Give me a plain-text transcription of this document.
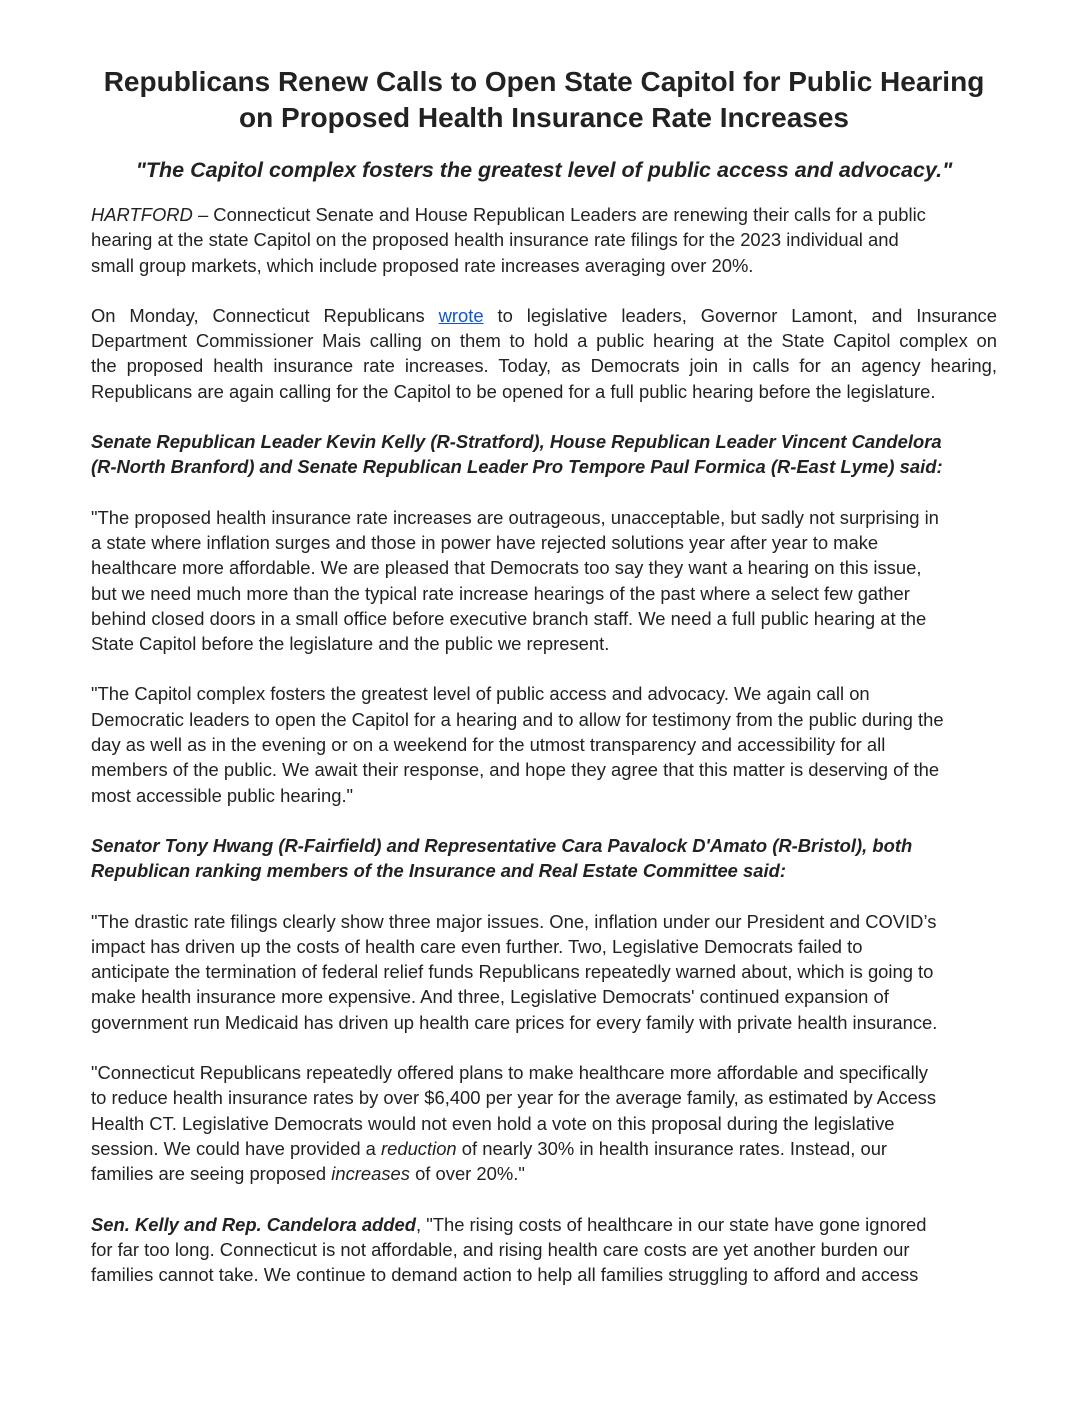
Republicans Renew Calls to Open State Capitol for Public Hearing
on Proposed Health Insurance Rate Increases

"The Capitol complex fosters the greatest level of public access and advocacy."

HARTFORD – Connecticut Senate and House Republican Leaders are renewing their calls for a public
hearing at the state Capitol on the proposed health insurance rate filings for the 2023 individual and
small group markets, which include proposed rate increases averaging over 20%.

On Monday, Connecticut Republicans wrote to legislative leaders, Governor Lamont, and Insurance
Department Commissioner Mais calling on them to hold a public hearing at the State Capitol complex on
the proposed health insurance rate increases. Today, as Democrats join in calls for an agency hearing,
Republicans are again calling for the Capitol to be opened for a full public hearing before the legislature.

Senate Republican Leader Kevin Kelly (R-Stratford), House Republican Leader Vincent Candelora
(R-North Branford) and Senate Republican Leader Pro Tempore Paul Formica (R-East Lyme) said:

"The proposed health insurance rate increases are outrageous, unacceptable, but sadly not surprising in
a state where inflation surges and those in power have rejected solutions year after year to make
healthcare more affordable. We are pleased that Democrats too say they want a hearing on this issue,
but we need much more than the typical rate increase hearings of the past where a select few gather
behind closed doors in a small office before executive branch staff. We need a full public hearing at the
State Capitol before the legislature and the public we represent.

"The Capitol complex fosters the greatest level of public access and advocacy. We again call on
Democratic leaders to open the Capitol for a hearing and to allow for testimony from the public during the
day as well as in the evening or on a weekend for the utmost transparency and accessibility for all
members of the public. We await their response, and hope they agree that this matter is deserving of the
most accessible public hearing."

Senator Tony Hwang (R-Fairfield) and Representative Cara Pavalock D'Amato (R-Bristol), both
Republican ranking members of the Insurance and Real Estate Committee said:

"The drastic rate filings clearly show three major issues. One, inflation under our President and COVID’s
impact has driven up the costs of health care even further. Two, Legislative Democrats failed to
anticipate the termination of federal relief funds Republicans repeatedly warned about, which is going to
make health insurance more expensive. And three, Legislative Democrats' continued expansion of
government run Medicaid has driven up health care prices for every family with private health insurance.

"Connecticut Republicans repeatedly offered plans to make healthcare more affordable and specifically
to reduce health insurance rates by over $6,400 per year for the average family, as estimated by Access
Health CT. Legislative Democrats would not even hold a vote on this proposal during the legislative
session. We could have provided a reduction of nearly 30% in health insurance rates. Instead, our
families are seeing proposed increases of over 20%."

Sen. Kelly and Rep. Candelora added, "The rising costs of healthcare in our state have gone ignored
for far too long. Connecticut is not affordable, and rising health care costs are yet another burden our
families cannot take. We continue to demand action to help all families struggling to afford and access
